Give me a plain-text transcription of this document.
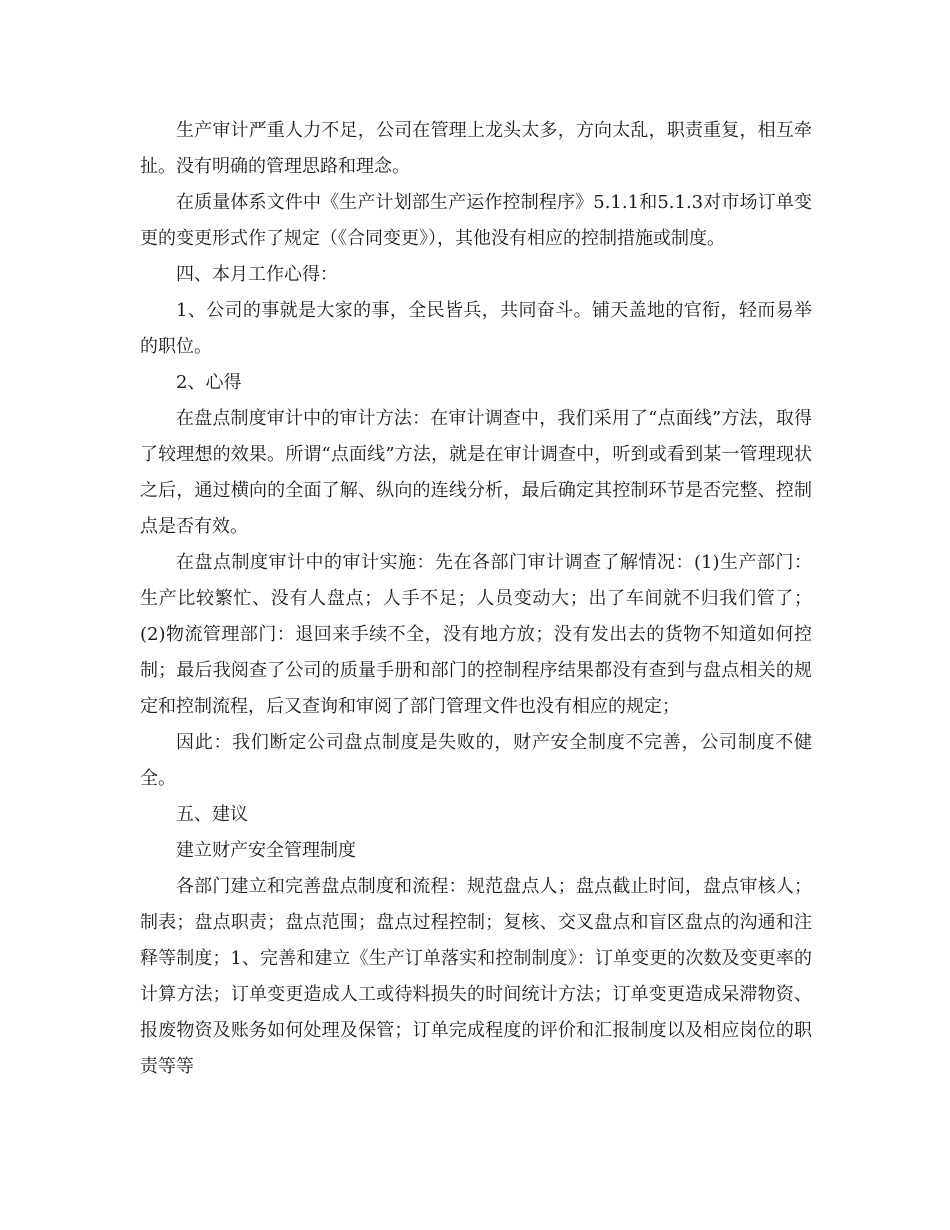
生产审计严重人力不足，公司在管理上龙头太多，方向太乱，职责重复，相互牵扯。没有明确的管理思路和理念。

在质量体系文件中《生产计划部生产运作控制程序》5.1.1和5.1.3对市场订单变更的变更形式作了规定（《合同变更》），其他没有相应的控制措施或制度。

四、本月工作心得：

1、公司的事就是大家的事，全民皆兵，共同奋斗。铺天盖地的官衔，轻而易举的职位。

2、心得

在盘点制度审计中的审计方法：在审计调查中，我们采用了“点面线”方法，取得了较理想的效果。所谓“点面线”方法，就是在审计调查中，听到或看到某一管理现状之后，通过横向的全面了解、纵向的连线分析，最后确定其控制环节是否完整、控制点是否有效。

在盘点制度审计中的审计实施：先在各部门审计调查了解情况：(1)生产部门：生产比较繁忙、没有人盘点；人手不足；人员变动大；出了车间就不归我们管了；(2)物流管理部门：退回来手续不全，没有地方放；没有发出去的货物不知道如何控制；最后我阅查了公司的质量手册和部门的控制程序结果都没有查到与盘点相关的规定和控制流程，后又查询和审阅了部门管理文件也没有相应的规定；

因此：我们断定公司盘点制度是失败的，财产安全制度不完善，公司制度不健全。

五、建议

建立财产安全管理制度

各部门建立和完善盘点制度和流程：规范盘点人；盘点截止时间，盘点审核人；制表；盘点职责；盘点范围；盘点过程控制；复核、交叉盘点和盲区盘点的沟通和注释等制度；1、完善和建立《生产订单落实和控制制度》：订单变更的次数及变更率的计算方法；订单变更造成人工或待料损失的时间统计方法；订单变更造成呆滞物资、报废物资及账务如何处理及保管；订单完成程度的评价和汇报制度以及相应岗位的职责等等
